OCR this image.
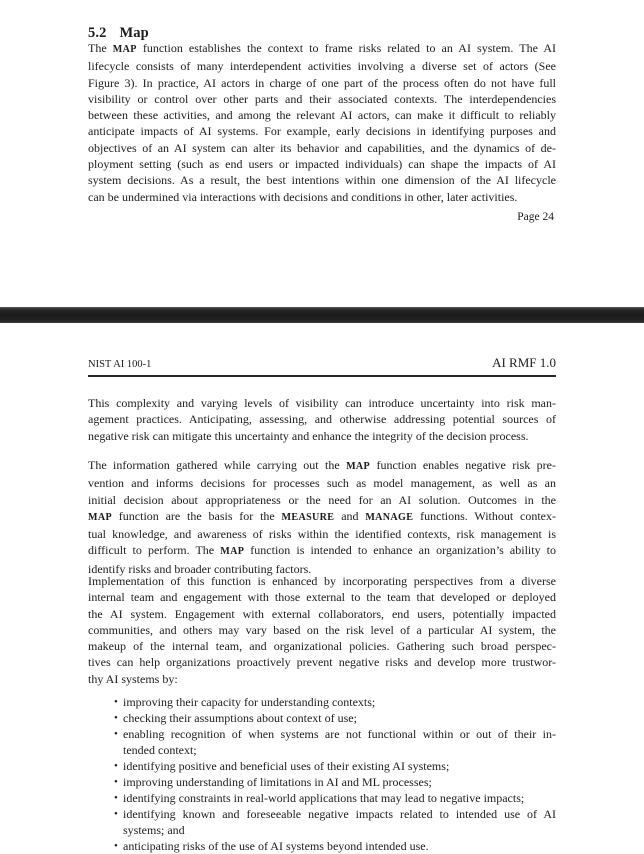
5.2 Map
The MAP function establishes the context to frame risks related to an AI system. The AI
lifecycle consists of many interdependent activities involving a diverse set of actors (See
Figure 3). In practice, AI actors in charge of one part of the process often do not have full
visibility or control over other parts and their associated contexts. The interdependencies
between these activities, and among the relevant AI actors, can make it difficult to reliably
anticipate impacts of AI systems. For example, early decisions in identifying purposes and
objectives of an AI system can alter its behavior and capabilities, and the dynamics of de-
ployment setting (such as end users or impacted individuals) can shape the impacts of AI
system decisions. As a result, the best intentions within one dimension of the AI lifecycle
can be undermined via interactions with decisions and conditions in other, later activities.
Page 24
NIST AI 100-1	AI RMF 1.0
This complexity and varying levels of visibility can introduce uncertainty into risk man-
agement practices. Anticipating, assessing, and otherwise addressing potential sources of
negative risk can mitigate this uncertainty and enhance the integrity of the decision process.
The information gathered while carrying out the MAP function enables negative risk pre-
vention and informs decisions for processes such as model management, as well as an
initial decision about appropriateness or the need for an AI solution. Outcomes in the
MAP function are the basis for the MEASURE and MANAGE functions. Without contex-
tual knowledge, and awareness of risks within the identified contexts, risk management is
difficult to perform. The MAP function is intended to enhance an organization’s ability to
identify risks and broader contributing factors.
Implementation of this function is enhanced by incorporating perspectives from a diverse
internal team and engagement with those external to the team that developed or deployed
the AI system. Engagement with external collaborators, end users, potentially impacted
communities, and others may vary based on the risk level of a particular AI system, the
makeup of the internal team, and organizational policies. Gathering such broad perspec-
tives can help organizations proactively prevent negative risks and develop more trustwor-
thy AI systems by:
• improving their capacity for understanding contexts;
• checking their assumptions about context of use;
• enabling recognition of when systems are not functional within or out of their in-
tended context;
• identifying positive and beneficial uses of their existing AI systems;
• improving understanding of limitations in AI and ML processes;
• identifying constraints in real-world applications that may lead to negative impacts;
• identifying known and foreseeable negative impacts related to intended use of AI
systems; and
• anticipating risks of the use of AI systems beyond intended use.
